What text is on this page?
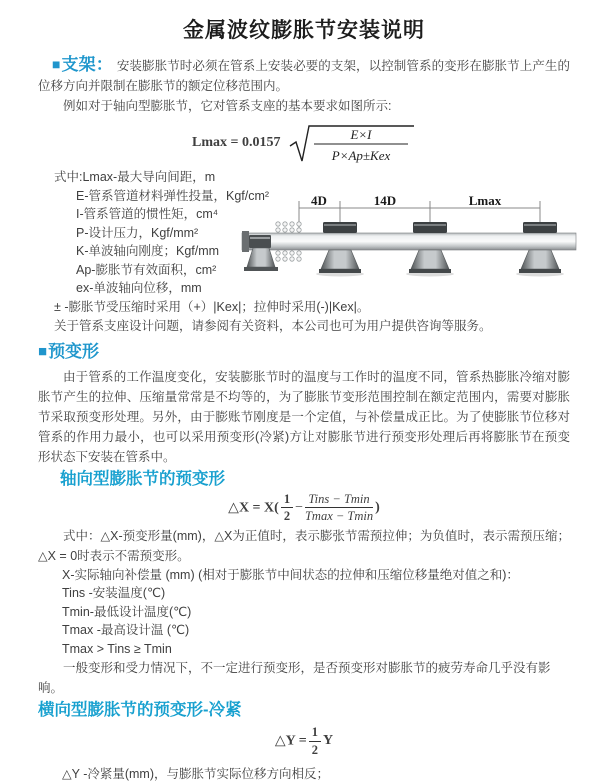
金属波纹膨胀节安装说明

■支架： 安装膨胀节时必须在管系上安装必要的支架，以控制管系的变形在膨胀节上产生的位移方向并限制在膨胀节的额定位移范围内。

例如对于轴向型膨胀节，它对管系支座的基本要求如图所示:

Lmax = 0.0157
E×I
P×Ap±Kex
式中:Lmax-最大导向间距，m
E-管系管道材料弹性投量，Kgf/cm²
I-管系管道的惯性矩，cm⁴
P-设计压力，Kgf/mm²
K-单波轴向刚度；Kgf/mm
Ap-膨胀节有效面积，cm²
ex-单波轴向位移，mm
4D	14D	Lmax

± -膨胀节受压缩时采用（+）|Kex|；拉伸时采用(-)|Kex|。

关于管系支座设计问题，请参阅有关资料，本公司也可为用户提供咨询等服务。

■预变形

由于管系的工作温度变化，安装膨胀节时的温度与工作时的温度不同，管系热膨胀冷缩对膨胀节产生的拉伸、压缩量常常是不均等的，为了膨胀节变形范围控制在额定范围内，需要对膨胀节采取预变形处理。另外，由于膨账节刚度是一个定值，与补偿量成正比。为了使膨胀节位移对管系的作用力最小，也可以采用预变形(冷紧)方让对膨胀节进行预变形处理后再将膨胀节在预变形状态下安装在管系中。

轴向型膨胀节的预变形
△X = $X( \frac{1}{2} - \frac{\text{Tins − Tmin}}{Tmax - Tmin}$ )

式中：△X-预变形量(mm)，△X为正值时，表示膨张节需预拉伸；为负值时，表示需预压缩；△X = 0时表示不需预变形。

X-实际轴向补偿量 (mm) (相对于膨胀节中间状态的拉伸和压缩位移量绝对值之和)：
Tins -安装温度(℃)
Tmin-最低设计温度(℃)
Tmax -最高设计温 (℃)
Tmax > Tins ≥ Tmin

一般变形和受力情况下，不一定进行预变形，是否预变形对膨胀节的疲劳寿命几乎没有影响。

横向型膨胀节的预变形-冷紧
△Y = $\frac{1}{2}$ Y

△Y -冷紧量(mm)，与膨胀节实际位移方向相反；
